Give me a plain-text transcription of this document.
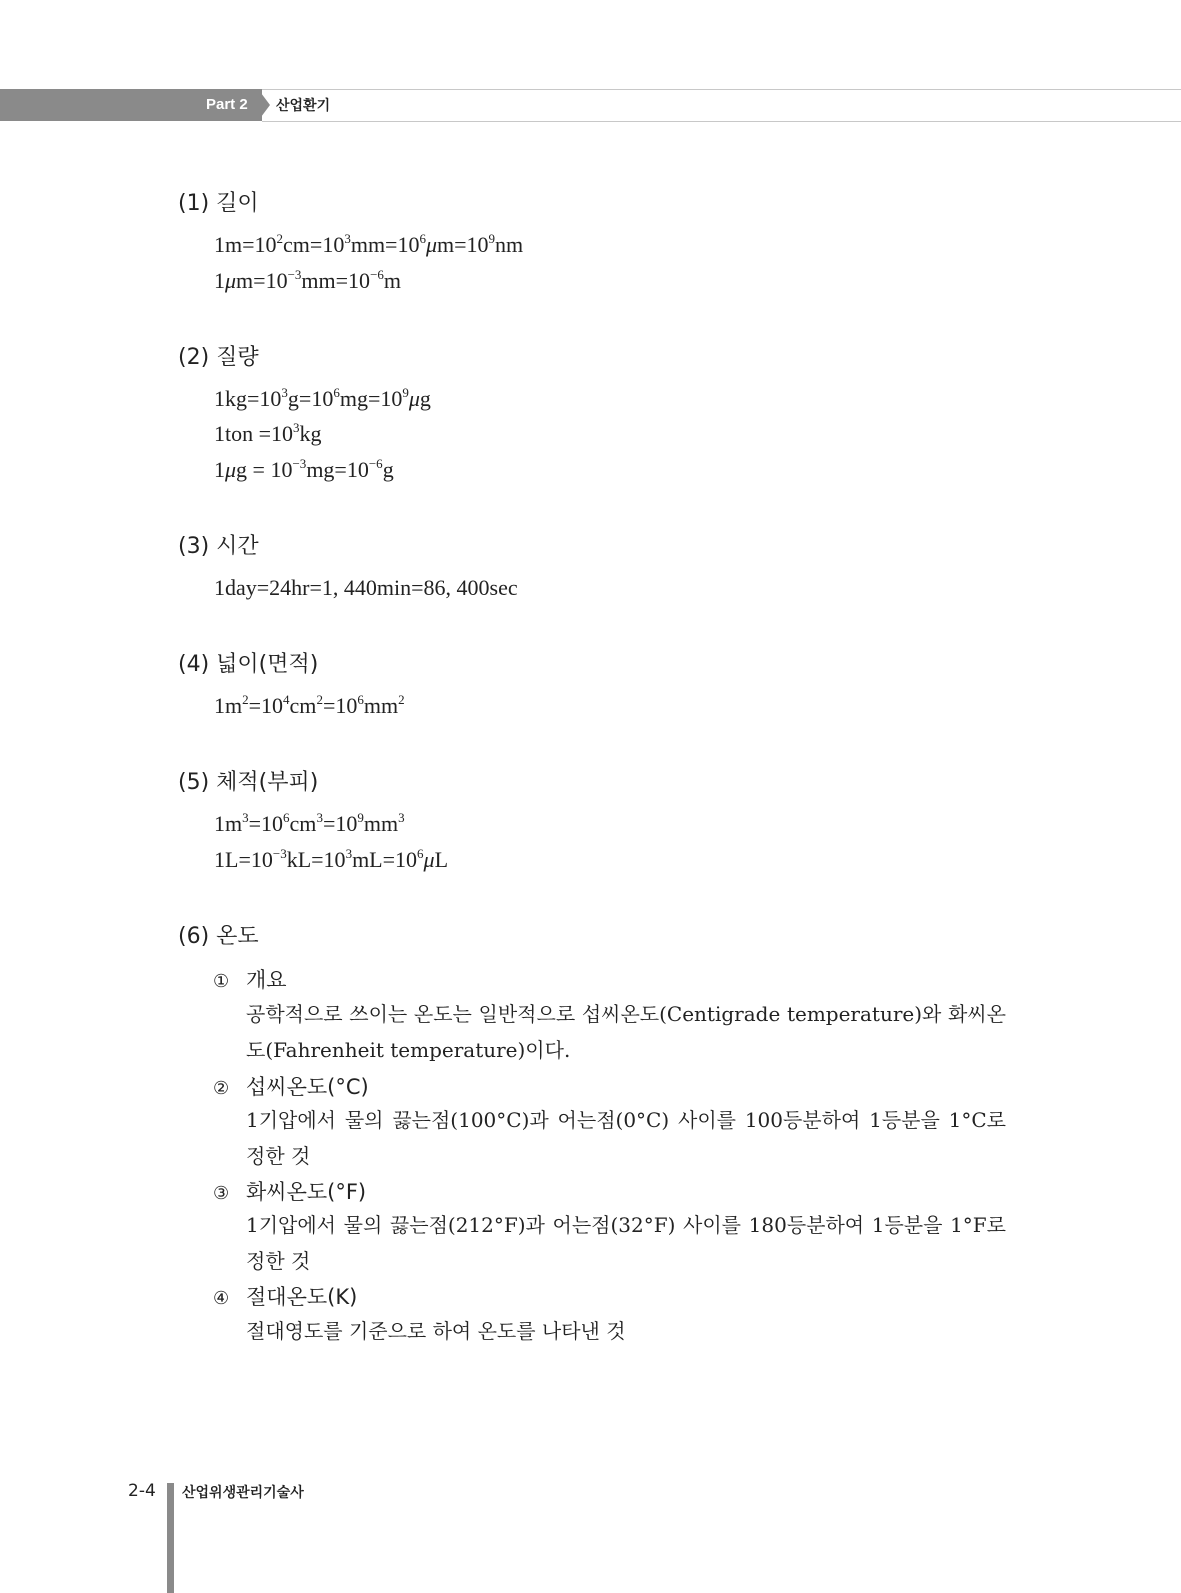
Part 2 산업환기
(1) 길이
$1m=10^2cm=10^3mm=10^6\mu m=10^9nm$
$1\mu m=10^{-3}mm=10^{-6}m$
(2) 질량
$1kg=10^3g=10^6mg=10^9\mu g$
$1ton =10^3kg$
$1\mu g = 10^{-3}mg=10^{-6}g$
(3) 시간
1day=24hr=1, 440min=86, 400sec
(4) 넓이(면적)
$1m^2=10^4cm^2=10^6mm^2$
(5) 체적(부피)
$1m^3=10^6cm^3=10^9mm^3$
$1L=10^{-3}kL=10^3mL=10^6\mu L$
(6) 온도
① 개요
공학적으로 쓰이는 온도는 일반적으로 섭씨온도(Centigrade temperature)와 화씨온도(Fahrenheit temperature)이다.
② 섭씨온도(°C)
1기압에서 물의 끓는점(100°C)과 어는점(0°C) 사이를 100등분하여 1등분을 1°C로 정한 것
③ 화씨온도(°F)
1기압에서 물의 끓는점(212°F)과 어는점(32°F) 사이를 180등분하여 1등분을 1°F로 정한 것
④ 절대온도(K)
절대영도를 기준으로 하여 온도를 나타낸 것
2-4 산업위생관리기술사
